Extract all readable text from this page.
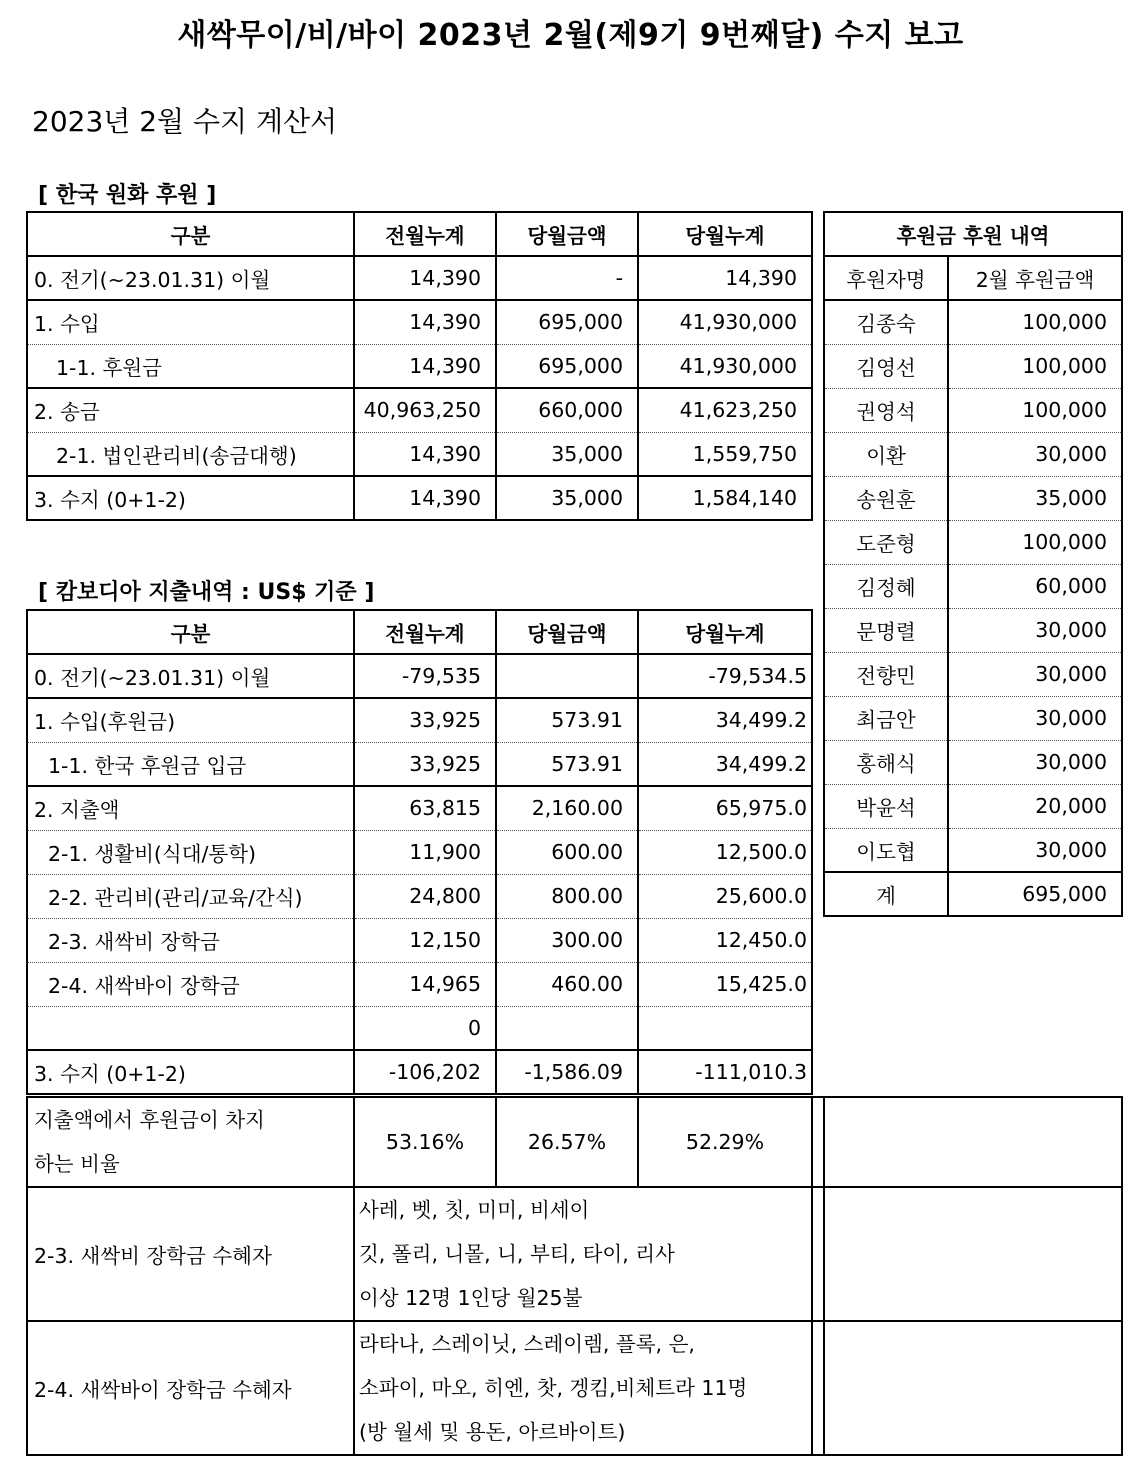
새싹무이/비/바이 2023년 2월(제9기 9번째달) 수지 보고
2023년 2월 수지 계산서
[ 한국 원화 후원 ]
구분	전월누계	당월금액	당월누계
0. 전기(~23.01.31) 이월	14,390	-	14,390
1. 수입	14,390	695,000	41,930,000
1-1. 후원금	14,390	695,000	41,930,000
2. 송금	40,963,250	660,000	41,623,250
2-1. 법인관리비(송금대행)	14,390	35,000	1,559,750
3. 수지 (0+1-2)	14,390	35,000	1,584,140
후원금 후원 내역	
후원자명	2월 후원금액
김종숙	100,000
김영선	100,000
권영석	100,000
이환	30,000
송원훈	35,000
도준형	100,000
김정혜	60,000
문명렬	30,000
전향민	30,000
최금안	30,000
홍해식	30,000
박윤석	20,000
이도협	30,000
계	695,000
[ 캄보디아 지출내역 : US$ 기준 ]
구분	전월누계	당월금액	당월누계
0. 전기(~23.01.31) 이월	-79,535		-79,534.5
1. 수입(후원금)	33,925	573.91	34,499.2
1-1. 한국 후원금 입금	33,925	573.91	34,499.2
2. 지출액	63,815	2,160.00	65,975.0
2-1. 생활비(식대/통학)	11,900	600.00	12,500.0
2-2. 관리비(관리/교육/간식)	24,800	800.00	25,600.0
2-3. 새싹비 장학금	12,150	300.00	12,450.0
2-4. 새싹바이 장학금	14,965	460.00	15,425.0
	0		
3. 수지 (0+1-2)	-106,202	-1,586.09	-111,010.3
지출액에서 후원금이 차지
하는 비율	53.16%	26.57%	52.29%		
2-3. 새싹비 장학금 수혜자	사레, 벳, 칫, 미미, 비세이
깃, 폴리, 니몰, 니, 부티, 타이, 리사
이상 12명 1인당 월25불				

2-4. 새싹바이 장학금 수혜자	라타나, 스레이닛, 스레이렘, 플록, 은,
소파이, 마오, 히엔, 찻, 겡킴,비체트라 11명
(방 월세 및 용돈, 아르바이트)				
